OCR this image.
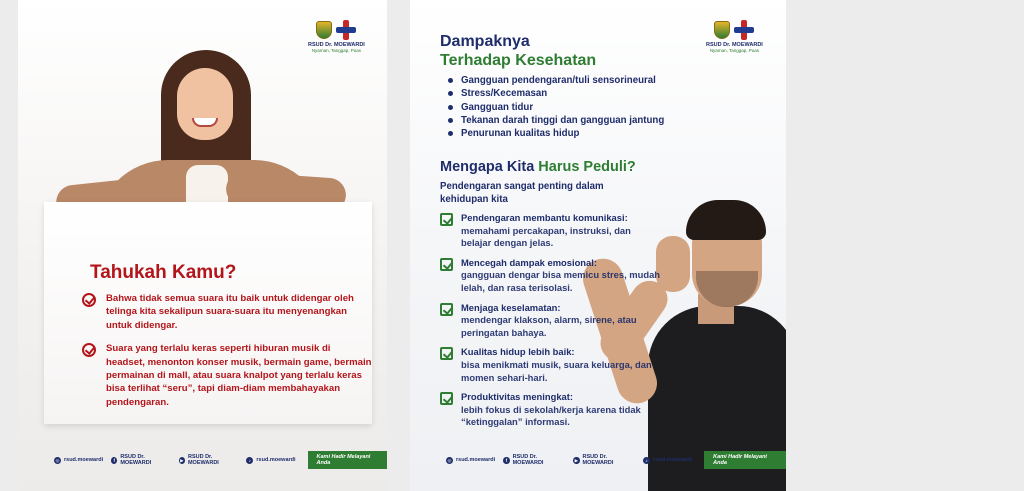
RSUD Dr. MOEWARDI
Nyaman, Tanggap, Puas
Tahukah Kamu?

Bahwa tidak semua suara itu baik untuk didengar oleh telinga kita sekalipun suara-suara itu menyenangkan untuk didengar.

Suara yang terlalu keras seperti hiburan musik di headset, menonton konser musik, bermain game, bermain permainan di mall, atau suara knalpot yang terlalu keras bisa terlihat “seru”, tapi diam-diam membahayakan pendengaran.

◎ rsud.moewardi	f RSUD Dr. MOEWARDI	▶ RSUD Dr. MOEWARDI	♪ rsud.moewardi	Kami Hadir Melayani Anda
RSUD Dr. MOEWARDI
Nyaman, Tanggap, Puas
Dampaknya
Terhadap Kesehatan
Gangguan pendengaran/tuli sensorineural
Stress/Kecemasan
Gangguan tidur
Tekanan darah tinggi dan gangguan jantung
Penurunan kualitas hidup
Mengapa Kita Harus Peduli?
Pendengaran sangat penting dalam kehidupan kita
Pendengaran membantu komunikasi:
memahami percakapan, instruksi, dan belajar dengan jelas.
Mencegah dampak emosional:
gangguan dengar bisa memicu stres, mudah lelah, dan rasa terisolasi.
Menjaga keselamatan:
mendengar klakson, alarm, sirene, atau peringatan bahaya.
Kualitas hidup lebih baik:
bisa menikmati musik, suara keluarga, dan momen sehari-hari.
Produktivitas meningkat:
lebih fokus di sekolah/kerja karena tidak “ketinggalan” informasi.
◎ rsud.moewardi	f RSUD Dr. MOEWARDI	▶ RSUD Dr. MOEWARDI	♪ rsud.moewardi	Kami Hadir Melayani Anda
